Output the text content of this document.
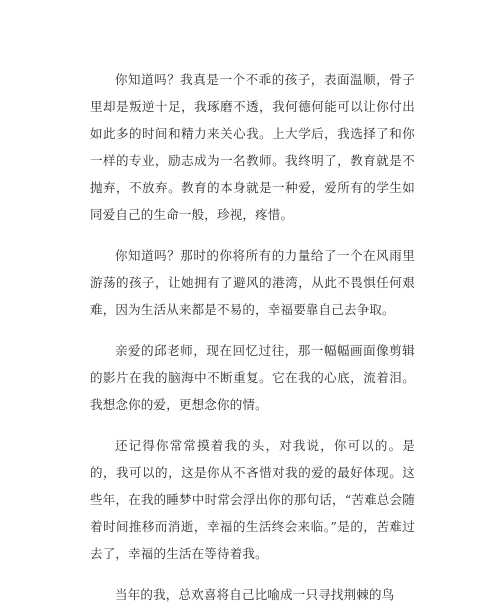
你知道吗？我真是一个不乖的孩子，表面温顺，骨子里却是叛逆十足，我琢磨不透，我何德何能可以让你付出如此多的时间和精力来关心我。上大学后，我选择了和你一样的专业，励志成为一名教师。我终明了，教育就是不抛弃，不放弃。教育的本身就是一种爱，爱所有的学生如同爱自己的生命一般，珍视，疼惜。

你知道吗？那时的你将所有的力量给了一个在风雨里游荡的孩子，让她拥有了避风的港湾，从此不畏惧任何艰难，因为生活从来都是不易的，幸福要靠自己去争取。

亲爱的邱老师，现在回忆过往，那一幅幅画面像剪辑的影片在我的脑海中不断重复。它在我的心底，流着泪。我想念你的爱，更想念你的情。

还记得你常常摸着我的头，对我说，你可以的。是的，我可以的，这是你从不吝惜对我的爱的最好体现。这些年，在我的睡梦中时常会浮出你的那句话，“苦难总会随着时间推移而消逝，幸福的生活终会来临。”是的，苦难过去了，幸福的生活在等待着我。

当年的我，总欢喜将自己比喻成一只寻找荆棘的鸟
